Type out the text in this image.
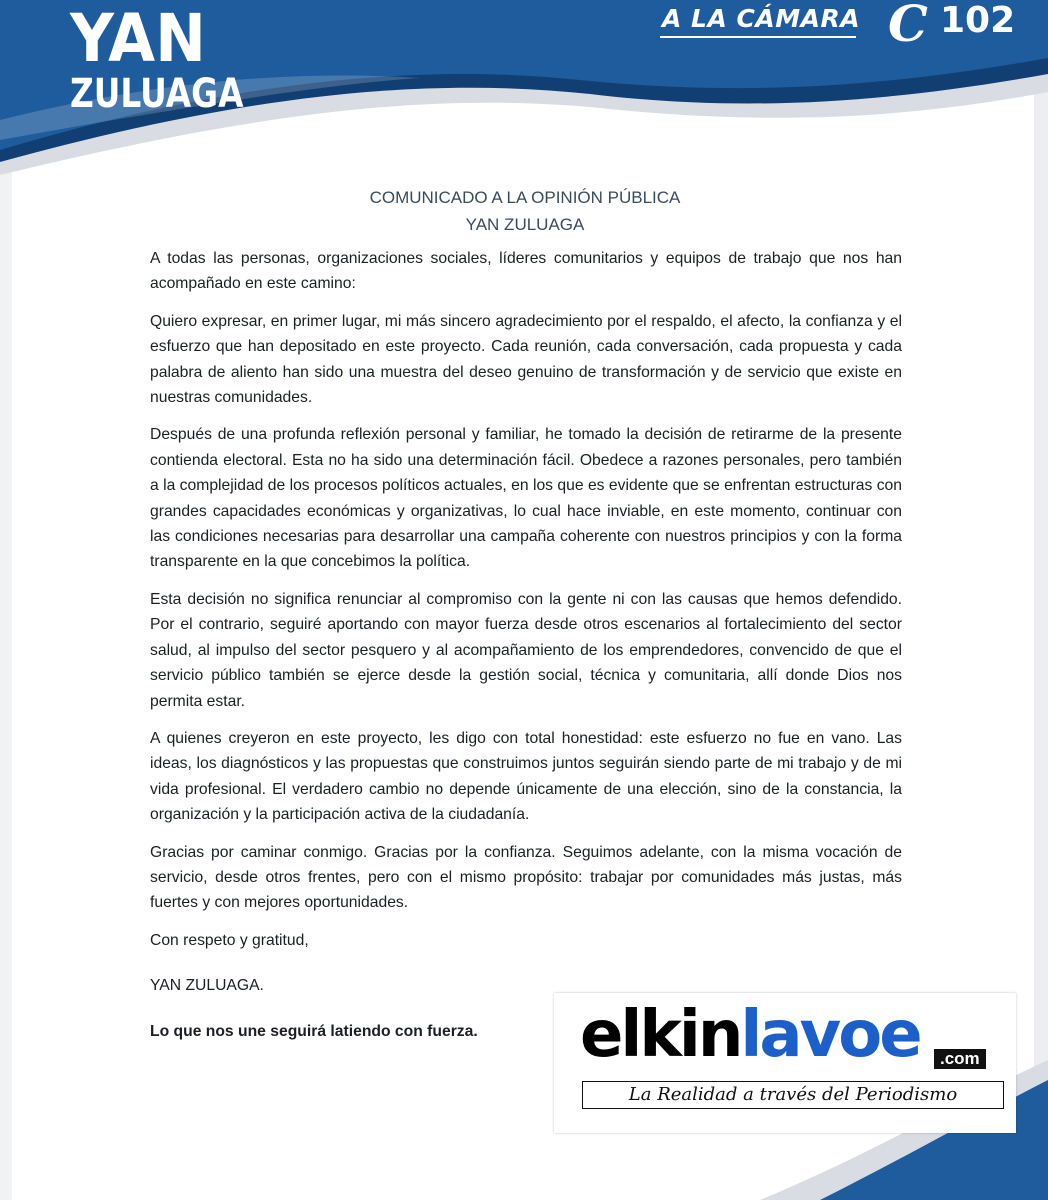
YAN
ZULUAGA
A LA CÁMARA C 102
COMUNICADO A LA OPINIÓN PÚBLICA
YAN ZULUAGA

A todas las personas, organizaciones sociales, líderes comunitarios y equipos de trabajo que nos han acompañado en este camino:

Quiero expresar, en primer lugar, mi más sincero agradecimiento por el respaldo, el afecto, la confianza y el esfuerzo que han depositado en este proyecto. Cada reunión, cada conversación, cada propuesta y cada palabra de aliento han sido una muestra del deseo genuino de transformación y de servicio que existe en nuestras comunidades.

Después de una profunda reflexión personal y familiar, he tomado la decisión de retirarme de la presente contienda electoral. Esta no ha sido una determinación fácil. Obedece a razones personales, pero también a la complejidad de los procesos políticos actuales, en los que es evidente que se enfrentan estructuras con grandes capacidades económicas y organizativas, lo cual hace inviable, en este momento, continuar con las condiciones necesarias para desarrollar una campaña coherente con nuestros principios y con la forma transparente en la que concebimos la política.

Esta decisión no significa renunciar al compromiso con la gente ni con las causas que hemos defendido. Por el contrario, seguiré aportando con mayor fuerza desde otros escenarios al fortalecimiento del sector salud, al impulso del sector pesquero y al acompañamiento de los emprendedores, convencido de que el servicio público también se ejerce desde la gestión social, técnica y comunitaria, allí donde Dios nos permita estar.

A quienes creyeron en este proyecto, les digo con total honestidad: este esfuerzo no fue en vano. Las ideas, los diagnósticos y las propuestas que construimos juntos seguirán siendo parte de mi trabajo y de mi vida profesional. El verdadero cambio no depende únicamente de una elección, sino de la constancia, la organización y la participación activa de la ciudadanía.

Gracias por caminar conmigo. Gracias por la confianza. Seguimos adelante, con la misma vocación de servicio, desde otros frentes, pero con el mismo propósito: trabajar por comunidades más justas, más fuertes y con mejores oportunidades.

Con respeto y gratitud,

YAN ZULUAGA.

Lo que nos une seguirá latiendo con fuerza.	elkinlavoe	.com
La Realidad a través del Periodismo
